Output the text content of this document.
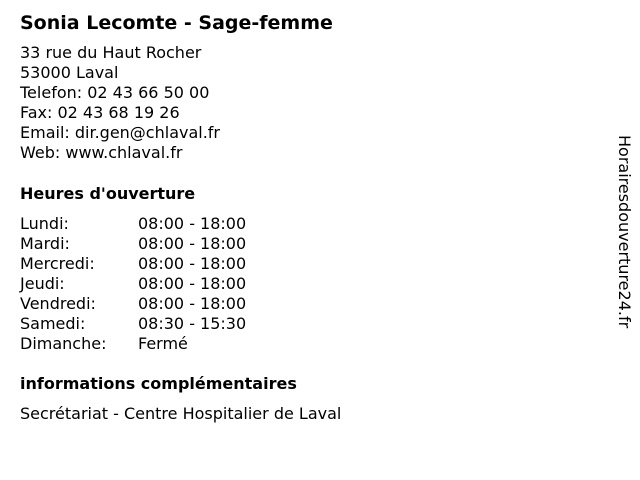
Sonia Lecomte - Sage-femme
33 rue du Haut Rocher
53000 Laval
Telefon: 02 43 66 50 00
Fax: 02 43 68 19 26
Email: dir.gen@chlaval.fr
Web: www.chlaval.fr
Heures d'ouverture
Lundi:	08:00 - 18:00
Mardi:	08:00 - 18:00
Mercredi:	08:00 - 18:00
Jeudi:	08:00 - 18:00
Vendredi:	08:00 - 18:00
Samedi:	08:30 - 15:30
Dimanche: Fermé
informations complémentaires
Secrétariat - Centre Hospitalier de Laval
Horairesdouverture24.fr
